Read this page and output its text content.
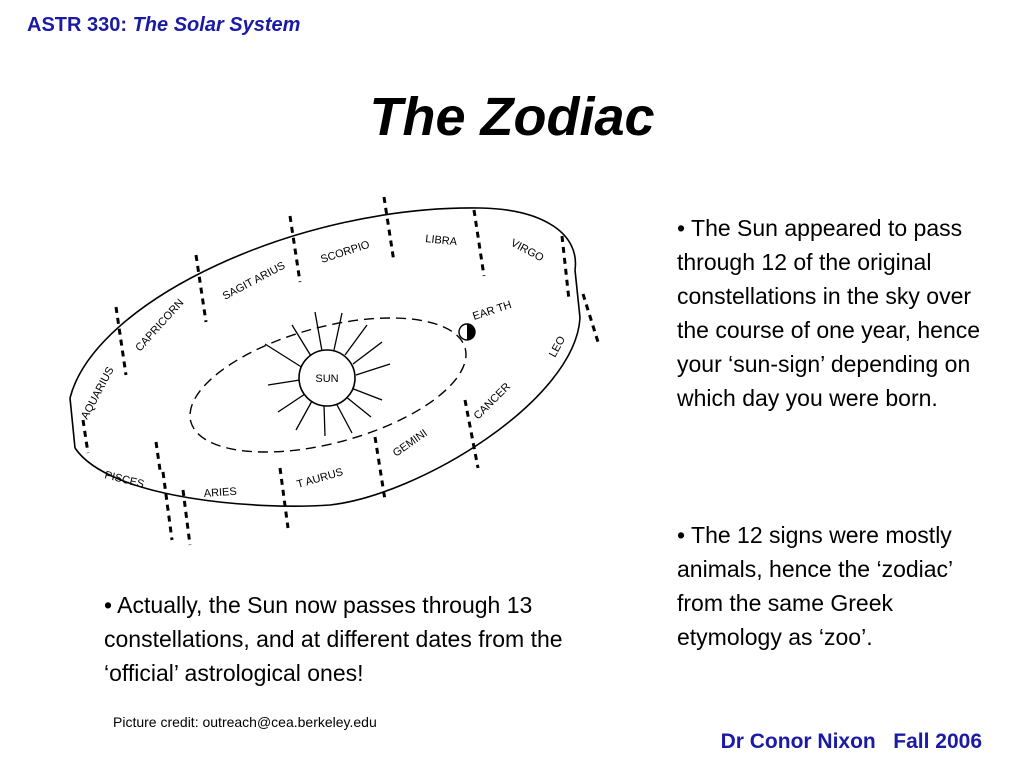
ASTR 330: The Solar System
The Zodiac
SUN
EAR TH
AQUARIUS
CAPRICORN
SAGIT ARIUS
SCORPIO	LIBRA	VIRGO
LEO
CANCER
GEMINI
T AURUS
ARIES
PISCES

• The Sun appeared to pass through 12 of the original constellations in the sky over the course of one year, hence your ‘sun-sign’ depending on which day you were born.

• The 12 signs were mostly animals, hence the ‘zodiac’ from the same Greek etymology as ‘zoo’.

• Actually, the Sun now passes through 13 constellations, and at different dates from the ‘official’ astrological ones!

Picture credit: outreach@cea.berkeley.edu
Dr Conor Nixon Fall 2006
